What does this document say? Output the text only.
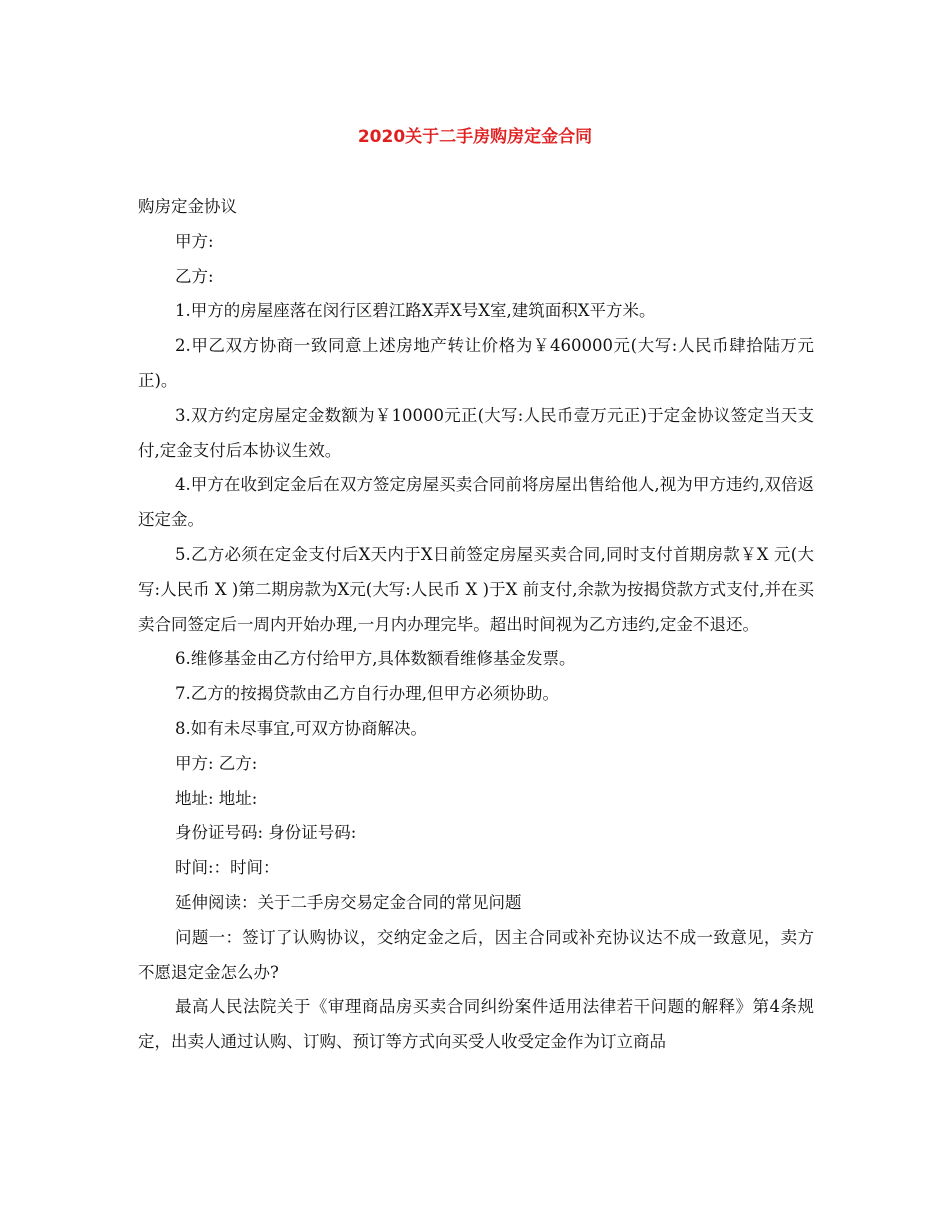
2020关于二手房购房定金合同

购房定金协议

甲方:

乙方:

1.甲方的房屋座落在闵行区碧江路X弄X号X室,建筑面积X平方米。

2.甲乙双方协商一致同意上述房地产转让价格为￥460000元(大写:人民币肆拾陆万元正)。

3.双方约定房屋定金数额为￥10000元正(大写:人民币壹万元正)于定金协议签定当天支付,定金支付后本协议生效。

4.甲方在收到定金后在双方签定房屋买卖合同前将房屋出售给他人,视为甲方违约,双倍返还定金。

5.乙方必须在定金支付后X天内于X日前签定房屋买卖合同,同时支付首期房款￥X 元(大写:人民币 X )第二期房款为X元(大写:人民币 X )于X 前支付,余款为按揭贷款方式支付,并在买卖合同签定后一周内开始办理,一月内办理完毕。超出时间视为乙方违约,定金不退还。

6.维修基金由乙方付给甲方,具体数额看维修基金发票。

7.乙方的按揭贷款由乙方自行办理,但甲方必须协助。

8.如有未尽事宜,可双方协商解决。

甲方: 乙方:

地址: 地址:

身份证号码: 身份证号码:

时间:：时间：

延伸阅读：关于二手房交易定金合同的常见问题

问题一：签订了认购协议，交纳定金之后，因主合同或补充协议达不成一致意见，卖方不愿退定金怎么办?

最高人民法院关于《审理商品房买卖合同纠纷案件适用法律若干问题的解释》第4条规定，出卖人通过认购、订购、预订等方式向买受人收受定金作为订立商品
